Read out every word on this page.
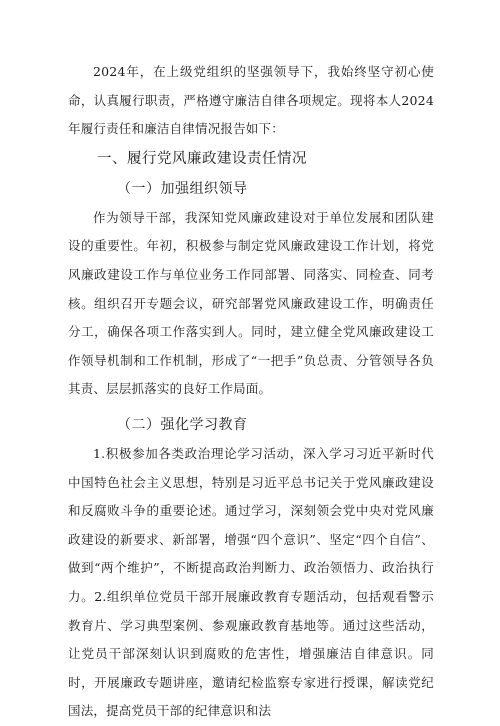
2024年，在上级党组织的坚强领导下，我始终坚守初心使命，认真履行职责，严格遵守廉洁自律各项规定。现将本人2024年履行责任和廉洁自律情况报告如下：

一、履行党风廉政建设责任情况

（一）加强组织领导

作为领导干部，我深知党风廉政建设对于单位发展和团队建设的重要性。年初，积极参与制定党风廉政建设工作计划，将党风廉政建设工作与单位业务工作同部署、同落实、同检查、同考核。组织召开专题会议，研究部署党风廉政建设工作，明确责任分工，确保各项工作落实到人。同时，建立健全党风廉政建设工作领导机制和工作机制，形成了“一把手”负总责、分管领导各负其责、层层抓落实的良好工作局面。

（二）强化学习教育

1.积极参加各类政治理论学习活动，深入学习习近平新时代中国特色社会主义思想，特别是习近平总书记关于党风廉政建设和反腐败斗争的重要论述。通过学习，深刻领会党中央对党风廉政建设的新要求、新部署，增强“四个意识”、坚定“四个自信”、做到“两个维护”，不断提高政治判断力、政治领悟力、政治执行力。2.组织单位党员干部开展廉政教育专题活动，包括观看警示教育片、学习典型案例、参观廉政教育基地等。通过这些活动，让党员干部深刻认识到腐败的危害性，增强廉洁自律意识。同时，开展廉政专题讲座，邀请纪检监察专家进行授课，解读党纪国法，提高党员干部的纪律意识和法
